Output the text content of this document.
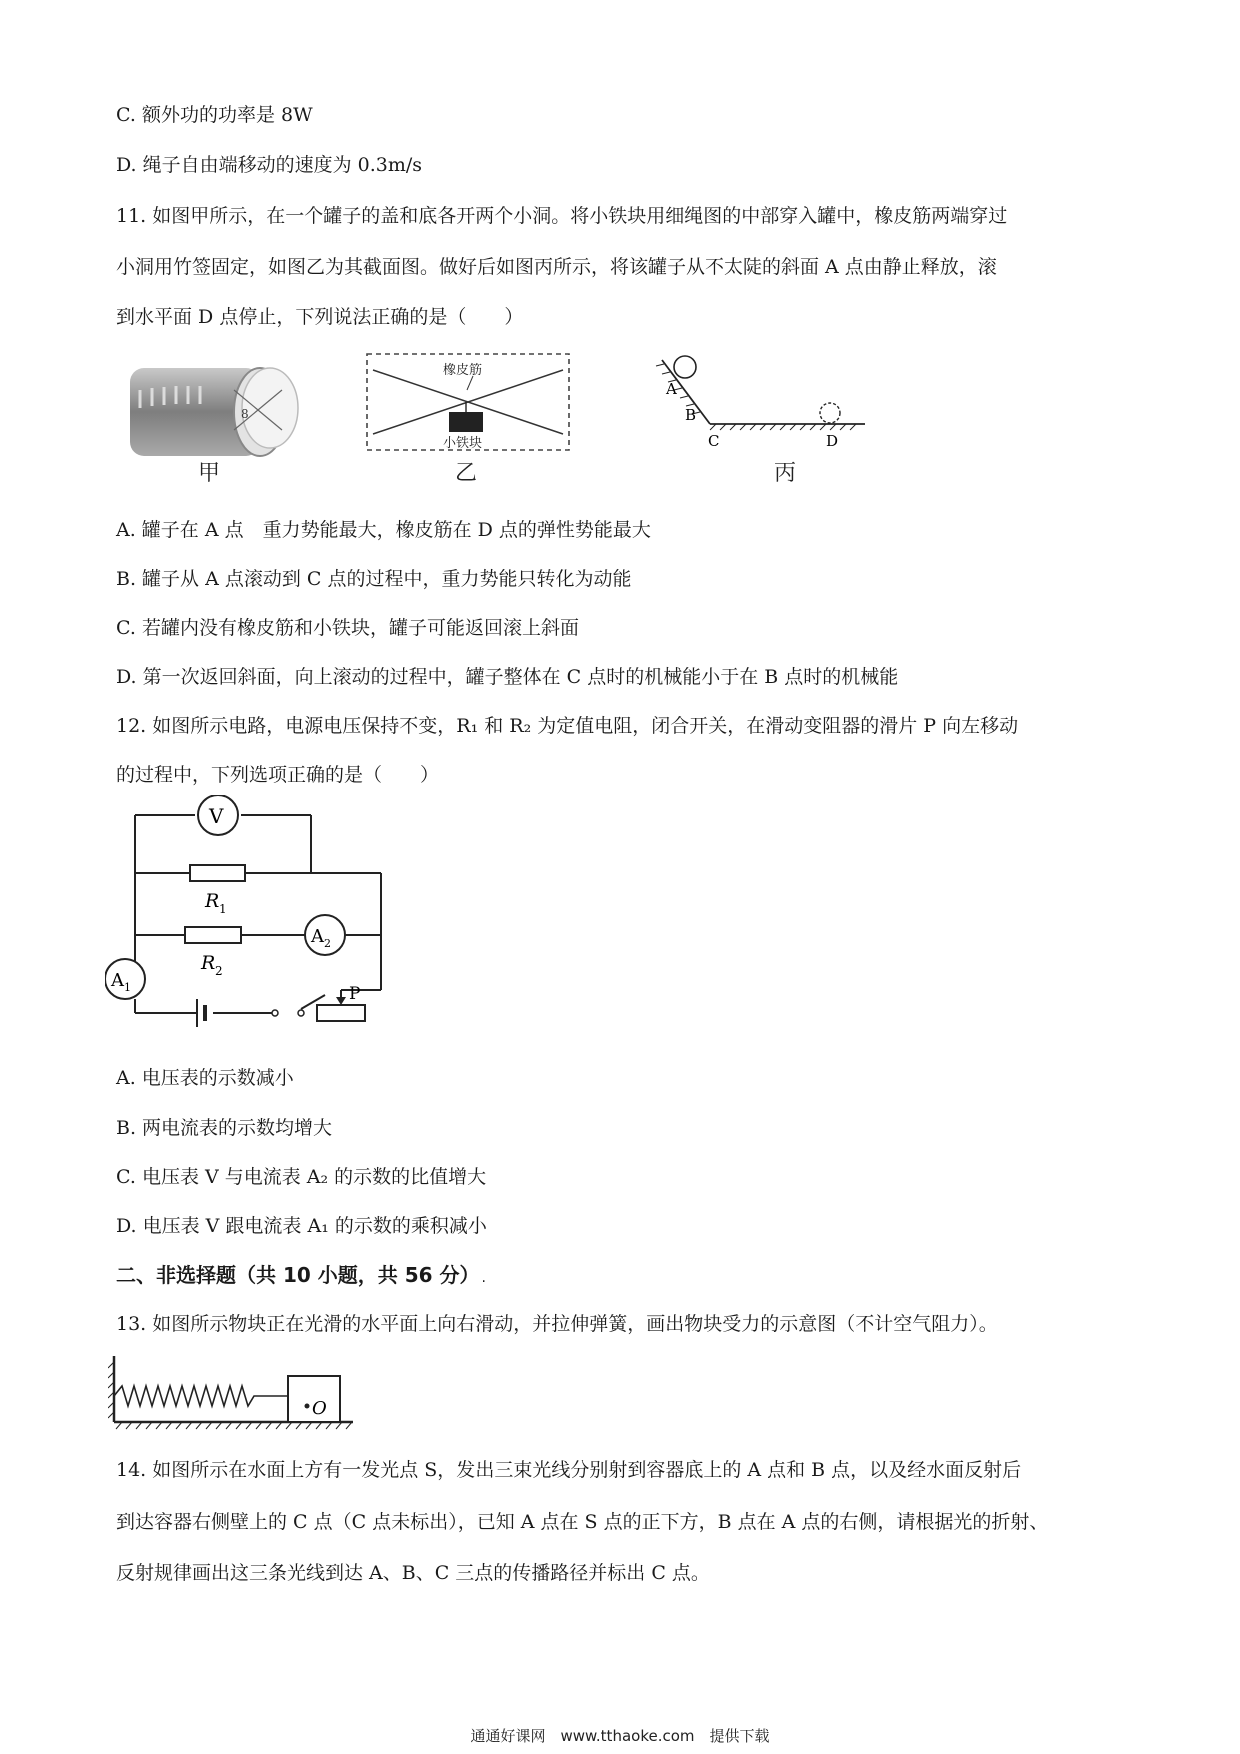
C. 额外功的功率是 8W
D. 绳子自由端移动的速度为 0.3m/s
11. 如图甲所示，在一个罐子的盖和底各开两个小洞。将小铁块用细绳图的中部穿入罐中，橡皮筋两端穿过
小洞用竹签固定，如图乙为其截面图。做好后如图丙所示，将该罐子从不太陡的斜面 A 点由静止释放，滚
到水平面 D 点停止，下列说法正确的是（　　）
8
甲
橡皮筋
小铁块
乙
A
B
C	D
丙
A. 罐子在 A 点　重力势能最大，橡皮筋在 D 点的弹性势能最大
B. 罐子从 A 点滚动到 C 点的过程中，重力势能只转化为动能
C. 若罐内没有橡皮筋和小铁块，罐子可能返回滚上斜面
D. 第一次返回斜面，向上滚动的过程中，罐子整体在 C 点时的机械能小于在 B 点时的机械能
12. 如图所示电路，电源电压保持不变，R₁ 和 R₂ 为定值电阻，闭合开关，在滑动变阻器的滑片 P 向左移动
的过程中，下列选项正确的是（　　）
V
R 1
R 2
A 2
A 1	P
A. 电压表的示数减小
B. 两电流表的示数均增大
C. 电压表 V 与电流表 A₂ 的示数的比值增大
D. 电压表 V 跟电流表 A₁ 的示数的乘积减小
二、非选择题（共 10 小题，共 56 分） .
13. 如图所示物块正在光滑的水平面上向右滑动，并拉伸弹簧，画出物块受力的示意图（不计空气阻力）。
O
14. 如图所示在水面上方有一发光点 S，发出三束光线分别射到容器底上的 A 点和 B 点，以及经水面反射后
到达容器右侧壁上的 C 点（C 点未标出），已知 A 点在 S 点的正下方，B 点在 A 点的右侧，请根据光的折射、
反射规律画出这三条光线到达 A、B、C 三点的传播路径并标出 C 点。
通通好课网　www.tthaoke.com　提供下载
